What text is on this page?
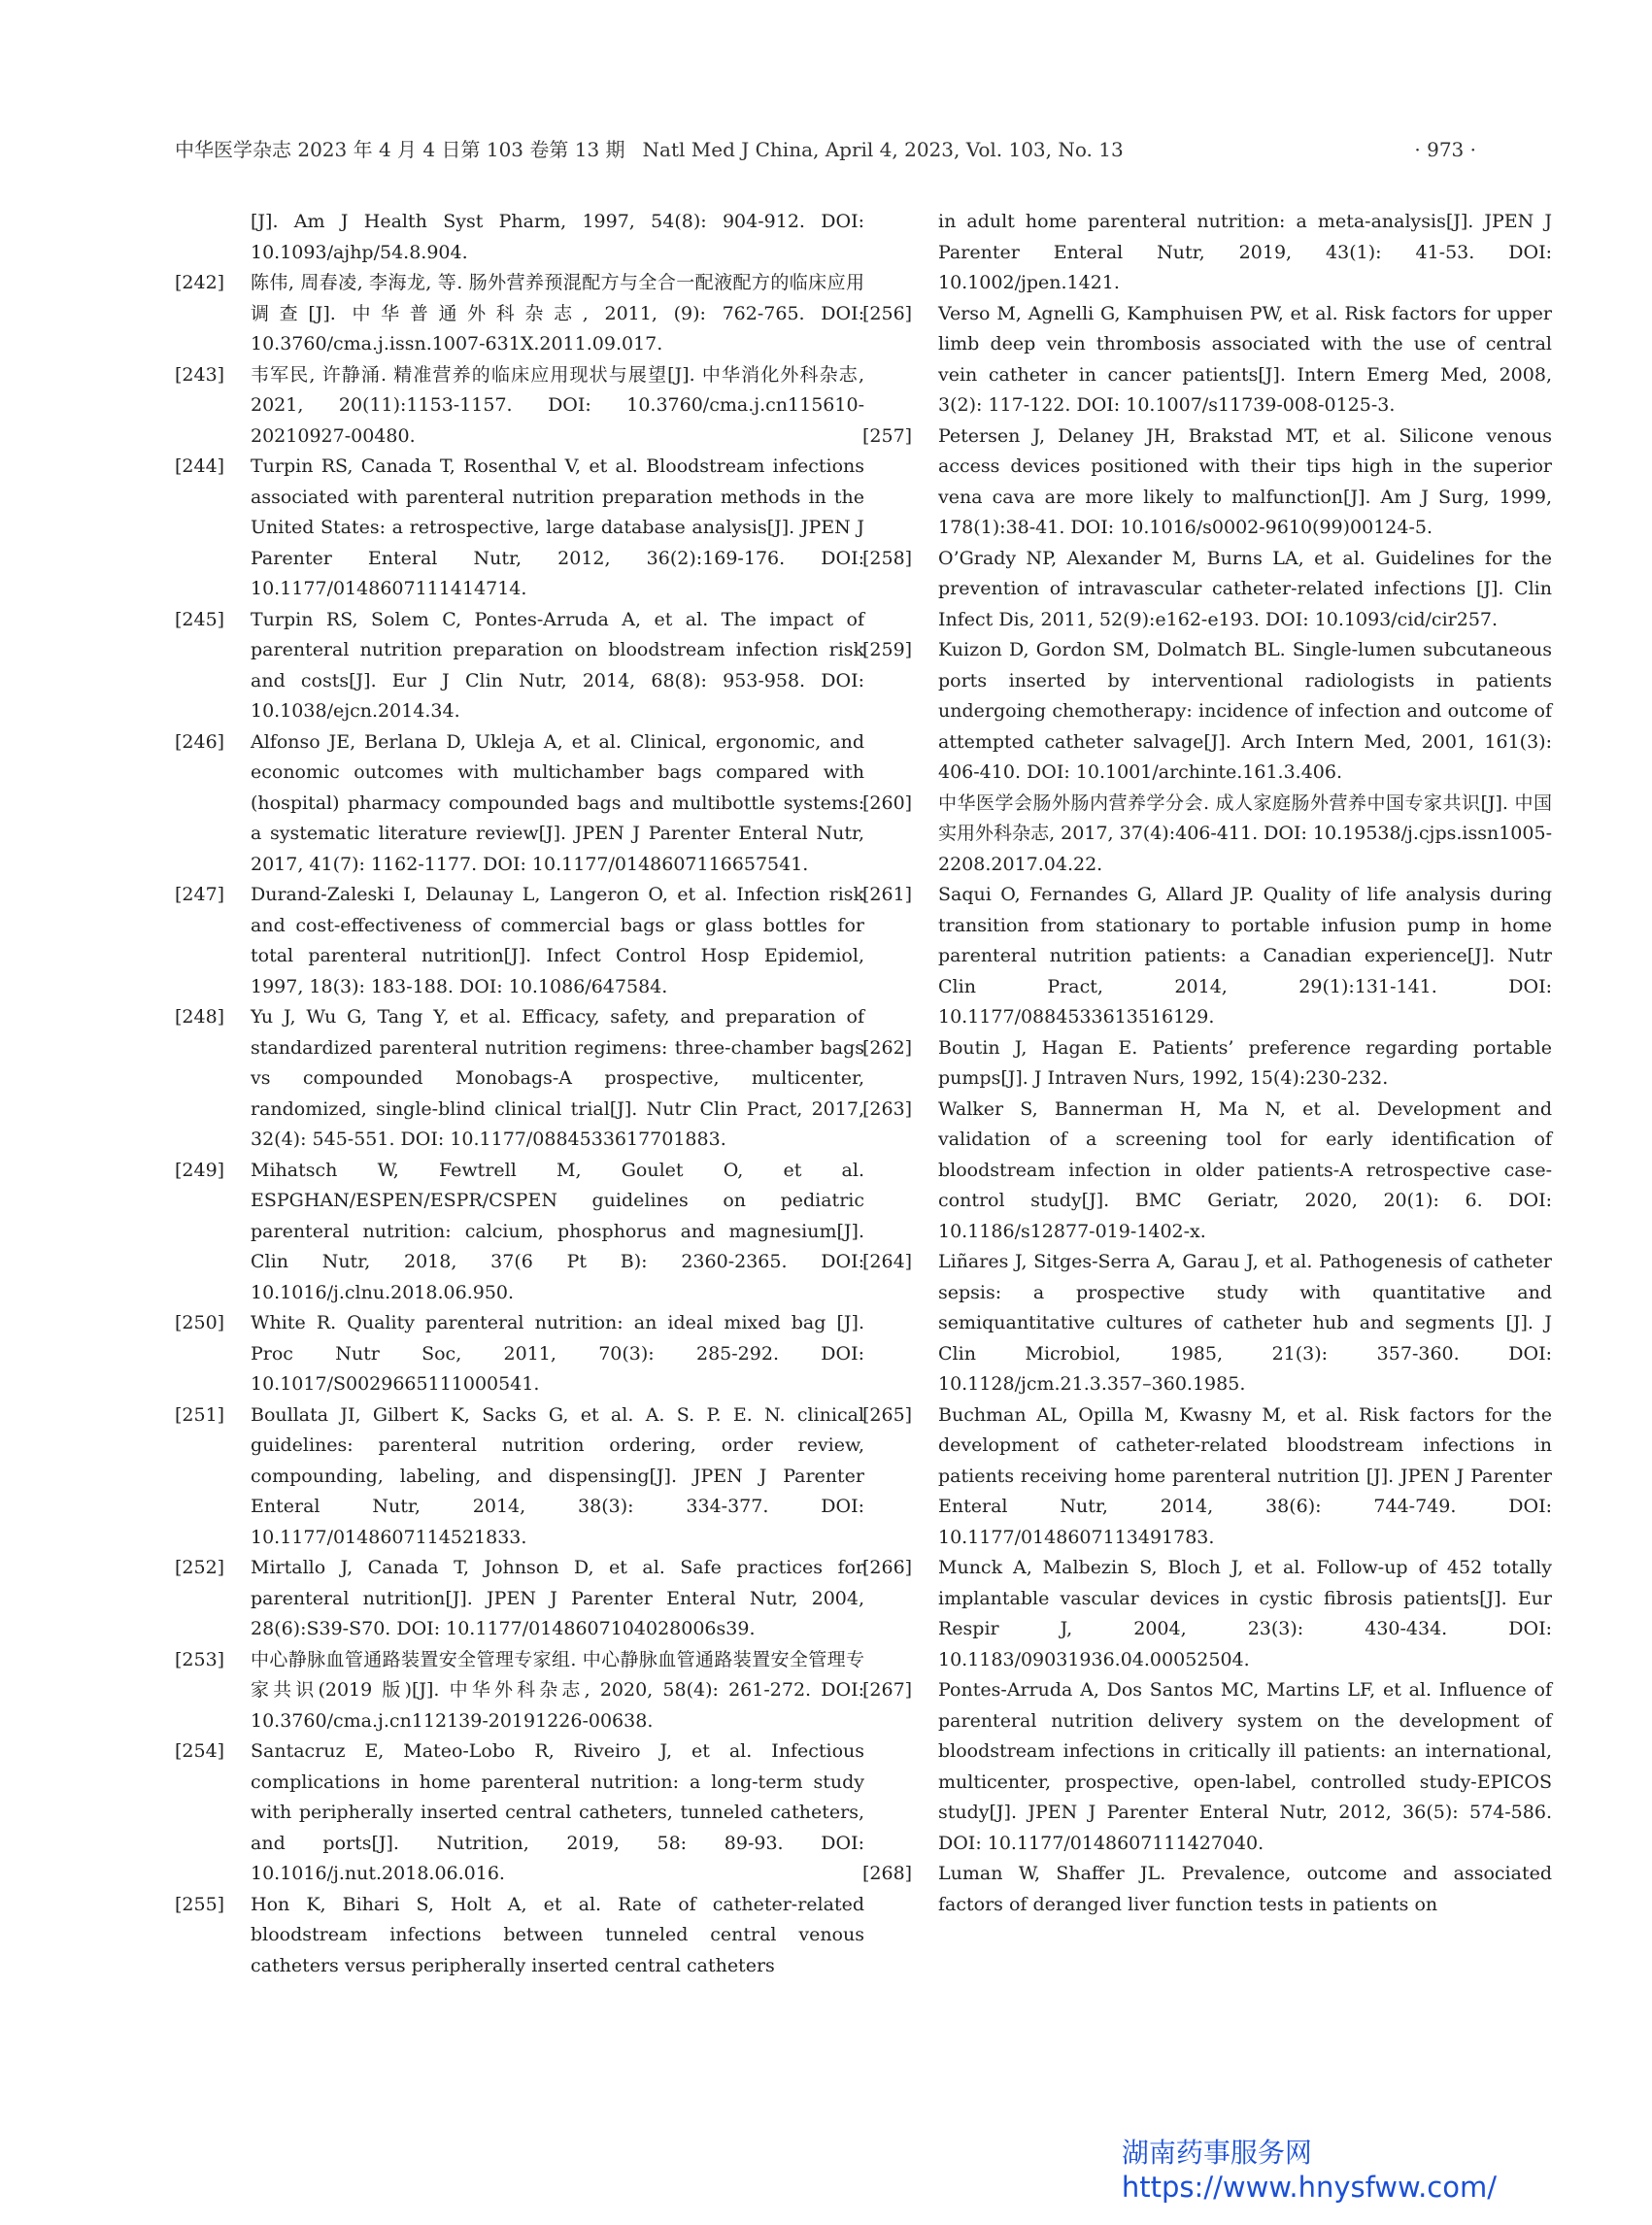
中华医学杂志 2023 年 4 月 4 日第 103 卷第 13 期 Natl Med J China, April 4, 2023, Vol. 103, No. 13	· 973 ·
[J]. Am J Health Syst Pharm, 1997, 54(8): 904-912. DOI: 10.1093/ajhp/54.8.904.
[242]	陈伟, 周春凌, 李海龙, 等. 肠外营养预混配方与全合一配液配方的临床应用调查[J]. 中华普通外科杂志, 2011, (9): 762-765. DOI: 10.3760/cma.j.issn.1007-631X.2011.09.017.
[243]	韦军民, 许静涌. 精准营养的临床应用现状与展望[J]. 中华消化外科杂志, 2021, 20(11):1153-1157. DOI: 10.3760/cma.j.cn115610-20210927-00480.
[244]	Turpin RS, Canada T, Rosenthal V, et al. Bloodstream infections associated with parenteral nutrition preparation methods in the United States: a retrospective, large database analysis[J]. JPEN J Parenter Enteral Nutr, 2012, 36(2):169-176. DOI: 10.1177/0148607111414714.
[245]	Turpin RS, Solem C, Pontes-Arruda A, et al. The impact of parenteral nutrition preparation on bloodstream infection risk and costs[J]. Eur J Clin Nutr, 2014, 68(8): 953-958. DOI: 10.1038/ejcn.2014.34.
[246]	Alfonso JE, Berlana D, Ukleja A, et al. Clinical, ergonomic, and economic outcomes with multichamber bags compared with (hospital) pharmacy compounded bags and multibottle systems: a systematic literature review[J]. JPEN J Parenter Enteral Nutr, 2017, 41(7): 1162-1177. DOI: 10.1177/0148607116657541.
[247]	Durand-Zaleski I, Delaunay L, Langeron O, et al. Infection risk and cost-effectiveness of commercial bags or glass bottles for total parenteral nutrition[J]. Infect Control Hosp Epidemiol, 1997, 18(3): 183-188. DOI: 10.1086/647584.
[248]	Yu J, Wu G, Tang Y, et al. Efficacy, safety, and preparation of standardized parenteral nutrition regimens: three-chamber bags vs compounded Monobags-A prospective, multicenter, randomized, single-blind clinical trial[J]. Nutr Clin Pract, 2017, 32(4): 545-551. DOI: 10.1177/0884533617701883.
[249]	Mihatsch W, Fewtrell M, Goulet O, et al. ESPGHAN/ESPEN/ESPR/CSPEN guidelines on pediatric parenteral nutrition: calcium, phosphorus and magnesium[J]. Clin Nutr, 2018, 37(6 Pt B): 2360-2365. DOI: 10.1016/j.clnu.2018.06.950.
[250]	White R. Quality parenteral nutrition: an ideal mixed bag [J]. Proc Nutr Soc, 2011, 70(3): 285-292. DOI: 10.1017/S0029665111000541.
[251]	Boullata JI, Gilbert K, Sacks G, et al. A. S. P. E. N. clinical guidelines: parenteral nutrition ordering, order review, compounding, labeling, and dispensing[J]. JPEN J Parenter Enteral Nutr, 2014, 38(3): 334-377. DOI: 10.1177/0148607114521833.
[252]	Mirtallo J, Canada T, Johnson D, et al. Safe practices for parenteral nutrition[J]. JPEN J Parenter Enteral Nutr, 2004, 28(6):S39-S70. DOI: 10.1177/0148607104028006s39.
[253]	中心静脉血管通路装置安全管理专家组. 中心静脉血管通路装置安全管理专家共识(2019 版)[J]. 中华外科杂志, 2020, 58(4): 261-272. DOI: 10.3760/cma.j.cn112139-20191226-00638.
[254]	Santacruz E, Mateo-Lobo R, Riveiro J, et al. Infectious complications in home parenteral nutrition: a long-term study with peripherally inserted central catheters, tunneled catheters, and ports[J]. Nutrition, 2019, 58: 89-93. DOI: 10.1016/j.nut.2018.06.016.
[255]	Hon K, Bihari S, Holt A, et al. Rate of catheter-related bloodstream infections between tunneled central venous catheters versus peripherally inserted central catheters
in adult home parenteral nutrition: a meta-analysis[J]. JPEN J Parenter Enteral Nutr, 2019, 43(1): 41-53. DOI: 10.1002/jpen.1421.
[256]	Verso M, Agnelli G, Kamphuisen PW, et al. Risk factors for upper limb deep vein thrombosis associated with the use of central vein catheter in cancer patients[J]. Intern Emerg Med, 2008, 3(2): 117-122. DOI: 10.1007/s11739-008-0125-3.
[257]	Petersen J, Delaney JH, Brakstad MT, et al. Silicone venous access devices positioned with their tips high in the superior vena cava are more likely to malfunction[J]. Am J Surg, 1999, 178(1):38-41. DOI: 10.1016/s0002-9610(99)00124-5.
[258]	O’Grady NP, Alexander M, Burns LA, et al. Guidelines for the prevention of intravascular catheter-related infections [J]. Clin Infect Dis, 2011, 52(9):e162-e193. DOI: 10.1093/cid/cir257.
[259]	Kuizon D, Gordon SM, Dolmatch BL. Single-lumen subcutaneous ports inserted by interventional radiologists in patients undergoing chemotherapy: incidence of infection and outcome of attempted catheter salvage[J]. Arch Intern Med, 2001, 161(3): 406-410. DOI: 10.1001/archinte.161.3.406.
[260]	中华医学会肠外肠内营养学分会. 成人家庭肠外营养中国专家共识[J]. 中国实用外科杂志, 2017, 37(4):406-411. DOI: 10.19538/j.cjps.issn1005-2208.2017.04.22.
[261]	Saqui O, Fernandes G, Allard JP. Quality of life analysis during transition from stationary to portable infusion pump in home parenteral nutrition patients: a Canadian experience[J]. Nutr Clin Pract, 2014, 29(1):131-141. DOI: 10.1177/0884533613516129.
[262]	Boutin J, Hagan E. Patients’ preference regarding portable pumps[J]. J Intraven Nurs, 1992, 15(4):230-232.
[263]	Walker S, Bannerman H, Ma N, et al. Development and validation of a screening tool for early identification of bloodstream infection in older patients-A retrospective case-control study[J]. BMC Geriatr, 2020, 20(1): 6. DOI: 10.1186/s12877-019-1402-x.
[264]	Liñares J, Sitges-Serra A, Garau J, et al. Pathogenesis of catheter sepsis: a prospective study with quantitative and semiquantitative cultures of catheter hub and segments [J]. J Clin Microbiol, 1985, 21(3): 357-360. DOI: 10.1128/jcm.21.3.357–360.1985.
[265]	Buchman AL, Opilla M, Kwasny M, et al. Risk factors for the development of catheter-related bloodstream infections in patients receiving home parenteral nutrition [J]. JPEN J Parenter Enteral Nutr, 2014, 38(6): 744-749. DOI: 10.1177/0148607113491783.
[266]	Munck A, Malbezin S, Bloch J, et al. Follow-up of 452 totally implantable vascular devices in cystic fibrosis patients[J]. Eur Respir J, 2004, 23(3): 430-434. DOI: 10.1183/09031936.04.00052504.
[267]	Pontes-Arruda A, Dos Santos MC, Martins LF, et al. Influence of parenteral nutrition delivery system on the development of bloodstream infections in critically ill patients: an international, multicenter, prospective, open-label, controlled study-EPICOS study[J]. JPEN J Parenter Enteral Nutr, 2012, 36(5): 574-586. DOI: 10.1177/0148607111427040.
[268]	Luman W, Shaffer JL. Prevalence, outcome and associated factors of deranged liver function tests in patients on
湖南药事服务网
https://www.hnysfww.com/
